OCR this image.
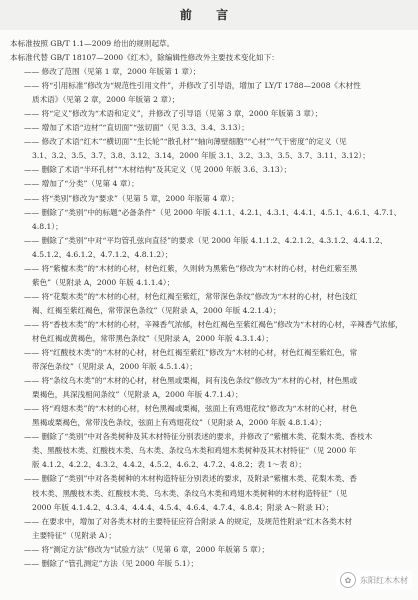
前 言
本标准按照 GB/T 1.1—2009 给出的规则起草。
本标准代替 GB/T 18107—2000《红木》，除编辑性修改外主要技术变化如下：
—— 修改了范围（见第 1 章，2000 年版第 1 章）；
—— 将“引用标准”修改为“规范性引用文件”，并修改了引导语，增加了 LY/T 1788—2008《木材性
质术语》（见第 2 章，2000 年版第 2 章）；
—— 将“定义”修改为“术语和定义”，并修改了引导语（见第 3 章，2000 年版第 3 章）；
—— 增加了术语“边材”“直切面”“弦切面”（见 3.3、3.4、3.13）；
—— 修改了术语“红木”“横切面”“生长轮”“散孔材”“轴向薄壁细胞”“心材”“气干密度”的定义（见
3.1、3.2、3.5、3.7、3.8、3.12、3.14，2000 年版 3.1、3.2、3.3、3.5、3.7、3.11、3.12）；
—— 删除了术语“半环孔材”“木材结构”及其定义（见 2000 年版 3.6、3.13）；
—— 增加了“分类”（见第 4 章）；
—— 将“类别”修改为“要求”（见第 5 章，2000 年版第 4 章）；
—— 删除了“类别”中的标题“必备条件”（见 2000 年版 4.1.1、4.2.1、4.3.1、4.4.1、4.5.1、4.6.1、4.7.1、
4.8.1）；
—— 删除了“类别”中对“平均管孔弦向直径”的要求（见 2000 年版 4.1.1.2、4.2.1.2、4.3.1.2、4.4.1.2、
4.5.1.2、4.6.1.2、4.7.1.2、4.8.1.2）；
—— 将“紫檀木类”的“木材的心材，材色红紫，久则转为黑紫色”修改为“木材的心材，材色红紫至黑
紫色”（见附录 A，2000 年版 4.1.1.4）；
—— 将“花梨木类”的“木材的心材，材色红褐至紫红，常带深色条纹”修改为“木材的心材，材色浅红
褐、红褐至紫红褐色，常带深色条纹”（见附录 A，2000 年版 4.2.1.4）；
—— 将“香枝木类”的“木材的心材，辛辣香气浓郁，材色红褐色至紫红褐色”修改为“木材的心材，辛辣香气浓郁，
材色红褐或黄褐色，常带黑色条纹”（见附录 A，2000 年版 4.3.1.4）；
—— 将“红酸枝木类”的“木材的心材，材色红褐至紫红”修改为“木材的心材，材色红褐至紫红色，常
带深色条纹”（见附录 A，2000 年版 4.5.1.4）；
—— 将“条纹乌木类”的“木材的心材，材色黑或栗褐，间有浅色条纹”修改为“木材的心材，材色黑或
栗褐色，具深浅相间条纹”（见附录 A，2000 年版 4.7.1.4）；
—— 将“鸡翅木类”的“木材的心材，材色黑褐或栗褐，弦面上有鸡翅花纹”修改为“木材的心材，材色
黑褐或栗褐色，常带浅色条纹，弦面上有鸡翅花纹”（见附录 A，2000 年版 4.8.1.4）；
—— 删除了“类别”中对各类树种及其木材特征分别表述的要求，并修改了“紫檀木类、花梨木类、香枝木
类、黑酸枝木类、红酸枝木类、乌木类、条纹乌木类和鸡翅木类树种及其木材特征”（见 2000 年
版 4.1.2、4.2.2、4.3.2、4.4.2、4.5.2、4.6.2、4.7.2、4.8.2；表 1～表 8）；
—— 删除了“类别”中对各类树种的木材构造特征分别表述的要求，及附录“紫檀木类、花梨木类、香
枝木类、黑酸枝木类、红酸枝木类、乌木类、条纹乌木类和鸡翅木类树种的木材构造特征”（见
2000 年版 4.1.4.2、4.3.4、4.4.4、4.5.4、4.6.4、4.7.4、4.8.4；附录 A～附录 H）；
—— 在要求中，增加了对各类木材的主要特征应符合附录 A 的规定，及规范性附录“红木各类木材
主要特征”（见附录 A）；
—— 将“测定方法”修改为“试验方法”（见第 6 章，2000 年版第 5 章）；
—— 删除了“管孔测定”方法（见 2000 年版 5.1）；
✿	东阳红木木材
